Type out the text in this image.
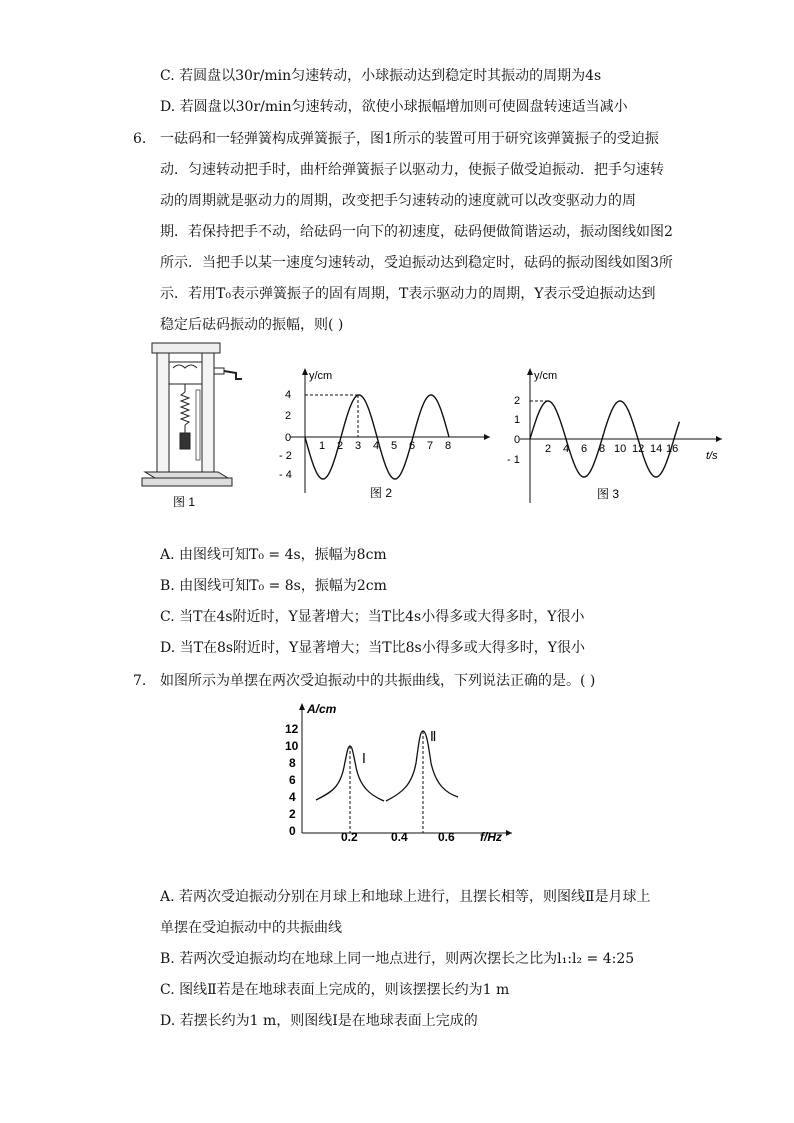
C. 若圆盘以30r/min匀速转动，小球振动达到稳定时其振动的周期为4s
D. 若圆盘以30r/min匀速转动，欲使小球振幅增加则可使圆盘转速适当减小
6. 一砝码和一轻弹簧构成弹簧振子，图1所示的装置可用于研究该弹簧振子的受迫振
动．匀速转动把手时，曲杆给弹簧振子以驱动力，使振子做受迫振动．把手匀速转
动的周期就是驱动力的周期，改变把手匀速转动的速度就可以改变驱动力的周
期．若保持把手不动，给砝码一向下的初速度，砝码便做简谐运动，振动图线如图2
所示．当把手以某一速度匀速转动，受迫振动达到稳定时，砝码的振动图线如图3所
示．若用T₀表示弹簧振子的固有周期，T表示驱动力的周期，Y表示受迫振动达到
稳定后砝码振动的振幅，则( )
图 1
y/cm
4
2
0
- 2
- 4
1 2 3 4 5 6 7 8
图 2
y/cm
t/s
2
1
0
- 1
2 4 6 8 10 12 14 16
图 3
A. 由图线可知T₀ = 4s，振幅为8cm
B. 由图线可知T₀ = 8s，振幅为2cm
C. 当T在4s附近时，Y显著增大；当T比4s小得多或大得多时，Y很小
D. 当T在8s附近时，Y显著增大；当T比8s小得多或大得多时，Y很小
7. 如图所示为单摆在两次受迫振动中的共振曲线，下列说法正确的是。( )
A/cm
f/Hz
12
10
8
6
4
2
0	0.2	0.4	0.6
Ⅰ
Ⅱ
A. 若两次受迫振动分别在月球上和地球上进行，且摆长相等，则图线Ⅱ是月球上
单摆在受迫振动中的共振曲线
B. 若两次受迫振动均在地球上同一地点进行，则两次摆长之比为l₁:l₂ = 4:25
C. 图线Ⅱ若是在地球表面上完成的，则该摆摆长约为1 m
D. 若摆长约为1 m，则图线Ⅰ是在地球表面上完成的
